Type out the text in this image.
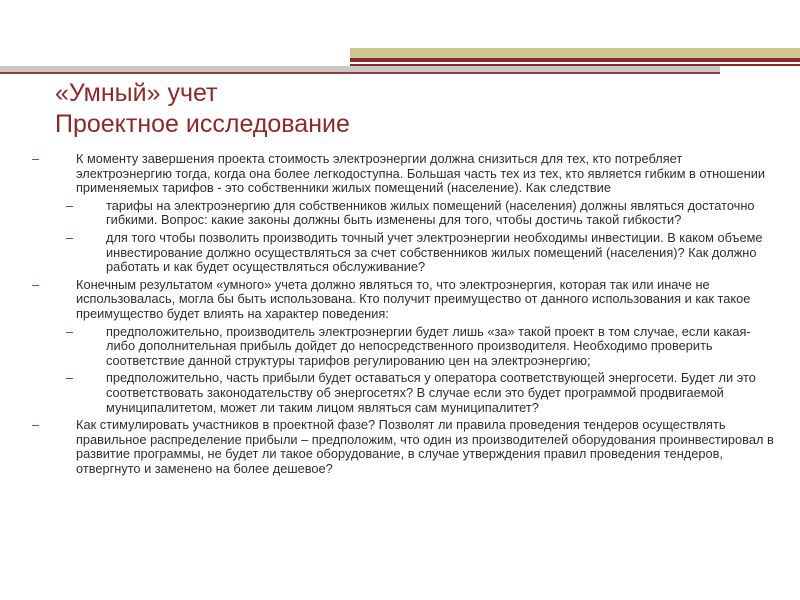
«Умный» учет
Проектное исследование
–	К моменту завершения проекта стоимость электроэнергии должна снизиться для тех, кто потребляет электроэнергию тогда, когда она более легкодоступна. Большая часть тех из тех, кто является гибким в отношении применяемых тарифов - это собственники жилых помещений (население). Как следствие
–	тарифы на электроэнергию для собственников жилых помещений (населения) должны являться достаточно гибкими. Вопрос: какие законы должны быть изменены для того, чтобы достичь такой гибкости?
–	для того чтобы позволить производить точный учет электроэнергии необходимы инвестиции. В каком объеме инвестирование должно осуществляться за счет собственников жилых помещений (населения)? Как должно работать и как будет осуществляться обслуживание?
–	Конечным результатом «умного» учета должно являться то, что электроэнергия, которая так или иначе не использовалась, могла бы быть использована. Кто получит преимущество от данного использования и как такое преимущество будет влиять на характер поведения:
–	предположительно, производитель электроэнергии будет лишь «за» такой проект в том случае, если какая-либо дополнительная прибыль дойдет до непосредственного производителя. Необходимо проверить соответствие данной структуры тарифов регулированию цен на электроэнергию;
–	предположительно, часть прибыли будет оставаться у оператора соответствующей энергосети. Будет ли это соответствовать законодательству об энергосетях? В случае если это будет программой продвигаемой муниципалитетом, может ли таким лицом являться сам муниципалитет?
–	Как стимулировать участников в проектной фазе? Позволят ли правила проведения тендеров осуществлять правильное распределение прибыли – предположим, что один из производителей оборудования проинвестировал в развитие программы, не будет ли такое оборудование, в случае утверждения правил проведения тендеров, отвергнуто и заменено на более дешевое?
